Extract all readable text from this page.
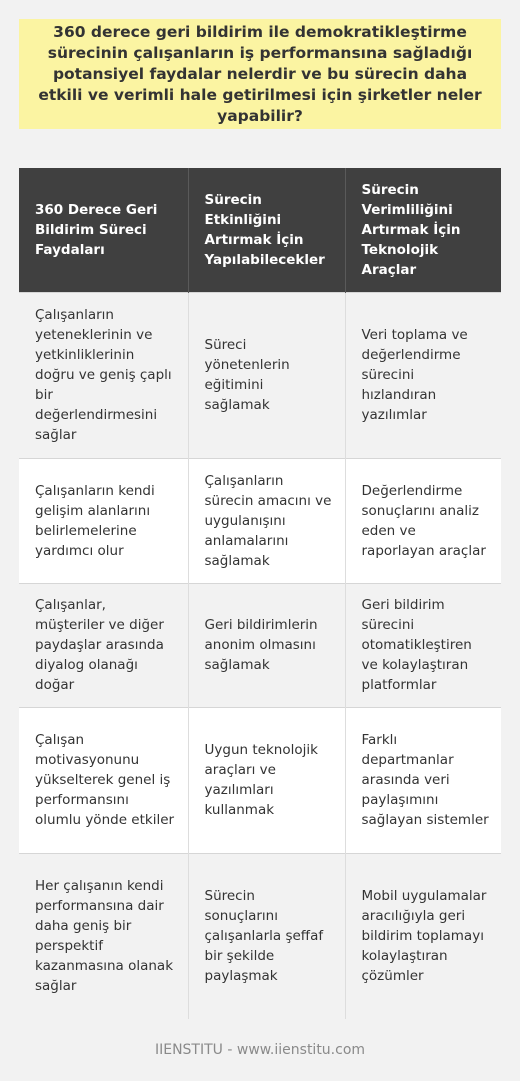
360 derece geri bildirim ile demokratikleştirme sürecinin çalışanların iş performansına sağladığı potansiyel faydalar nelerdir ve bu sürecin daha etkili ve verimli hale getirilmesi için şirketler neler yapabilir?
360 Derece Geri Bildirim Süreci Faydaları	Sürecin Etkinliğini Artırmak İçin Yapılabilecekler	Sürecin Verimliliğini Artırmak İçin Teknolojik Araçlar
Çalışanların yeteneklerinin ve yetkinliklerinin doğru ve geniş çaplı bir değerlendirmesini sağlar	Süreci yönetenlerin eğitimini sağlamak	Veri toplama ve değerlendirme sürecini hızlandıran yazılımlar
Çalışanların kendi gelişim alanlarını belirlemelerine yardımcı olur	Çalışanların sürecin amacını ve uygulanışını anlamalarını sağlamak	Değerlendirme sonuçlarını analiz eden ve raporlayan araçlar
Çalışanlar, müşteriler ve diğer paydaşlar arasında diyalog olanağı doğar	Geri bildirimlerin anonim olmasını sağlamak	Geri bildirim sürecini otomatikleştiren ve kolaylaştıran platformlar
Çalışan motivasyonunu yükselterek genel iş performansını olumlu yönde etkiler	Uygun teknolojik araçları ve yazılımları kullanmak	Farklı departmanlar arasında veri paylaşımını sağlayan sistemler
Her çalışanın kendi performansına dair daha geniş bir perspektif kazanmasına olanak sağlar	Sürecin sonuçlarını çalışanlarla şeffaf bir şekilde paylaşmak	Mobil uygulamalar aracılığıyla geri bildirim toplamayı kolaylaştıran çözümler
IIENSTITU - www.iienstitu.com
